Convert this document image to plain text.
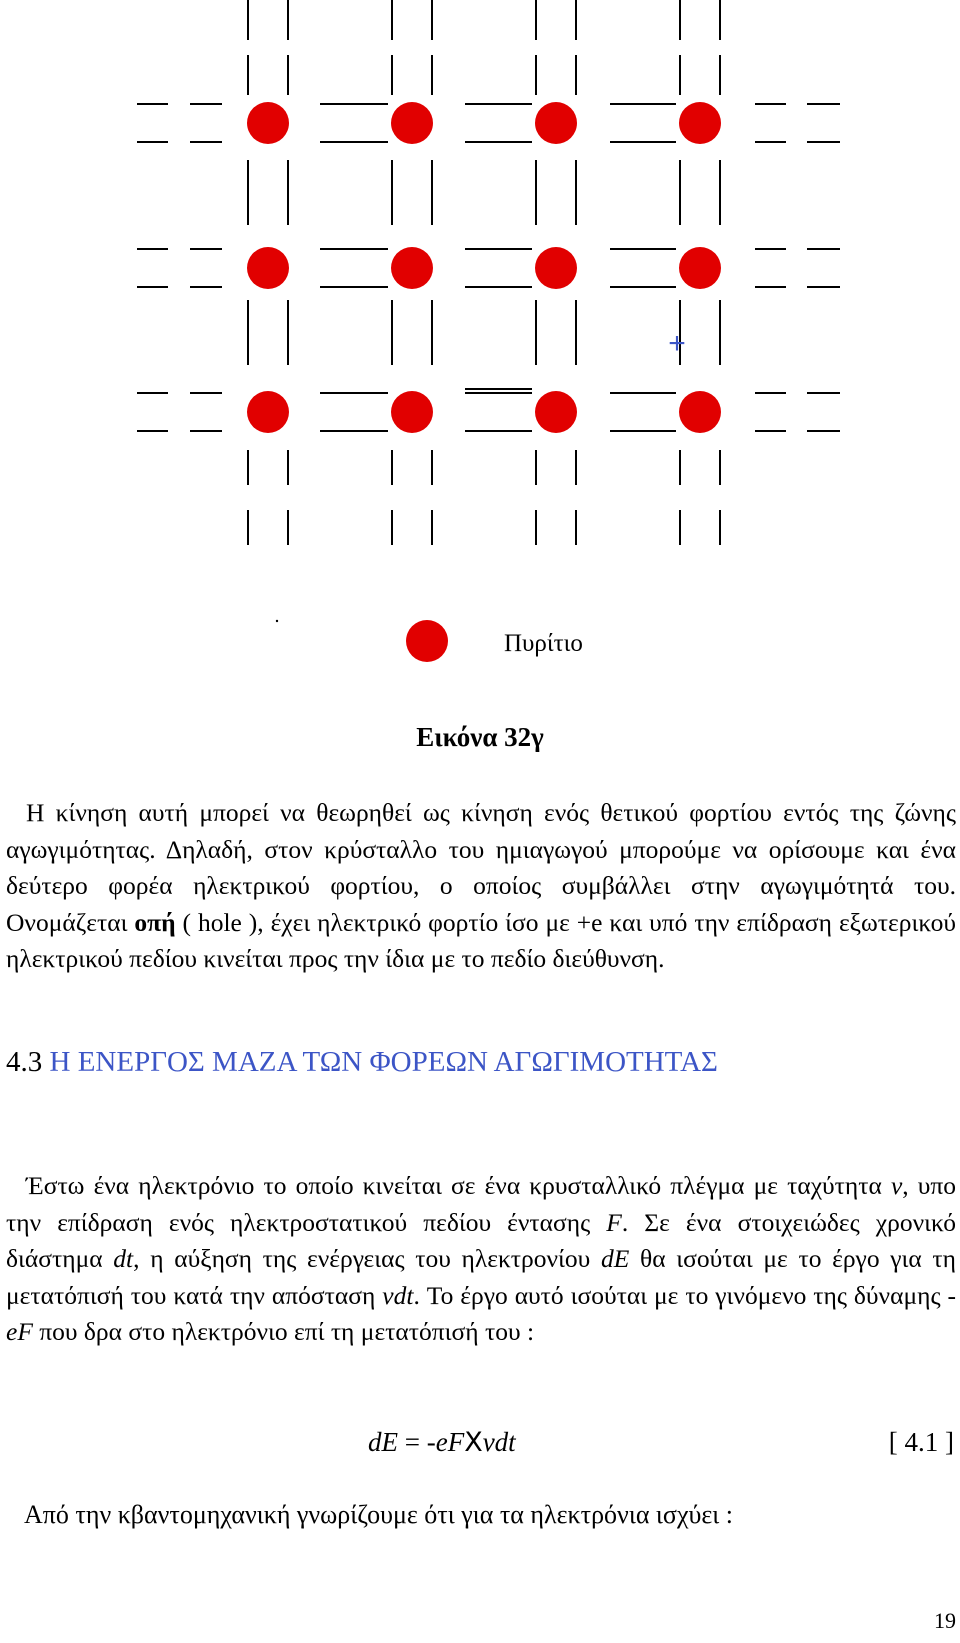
+
Πυρίτιο
Εικόνα 32γ
Η κίνηση αυτή μπορεί να θεωρηθεί ως κίνηση ενός θετικού φορτίου εντός της ζώνης αγωγιμότητας. Δηλαδή, στον κρύσταλλο του ημιαγωγού μπορούμε να ορίσουμε και ένα δεύτερο φορέα ηλεκτρικού φορτίου, ο οποίος συμβάλλει στην αγωγιμότητά του. Ονομάζεται οπή ( hole ), έχει ηλεκτρικό φορτίο ίσο με +e και υπό την επίδραση εξωτερικού ηλεκτρικού πεδίου κινείται προς την ίδια με το πεδίο διεύθυνση.
4.3 Η ΕΝΕΡΓΟΣ ΜΑΖΑ ΤΩΝ ΦΟΡΕΩΝ ΑΓΩΓΙΜΟΤΗΤΑΣ
Έστω ένα ηλεκτρόνιο το οποίο κινείται σε ένα κρυσταλλικό πλέγμα με ταχύτητα v, υπο την επίδραση ενός ηλεκτροστατικού πεδίου έντασης F. Σε ένα στοιχειώδες χρονικό διάστημα dt, η αύξηση της ενέργειας του ηλεκτρονίου dE θα ισούται με το έργο για τη μετατόπισή του κατά την απόσταση vdt. Το έργο αυτό ισούται με το γινόμενο της δύναμης -eF που δρα στο ηλεκτρόνιο επί τη μετατόπισή του :
dE = -eFXvdt	[ 4.1 ]
Από την κβαντομηχανική γνωρίζουμε ότι για τα ηλεκτρόνια ισχύει :
19
